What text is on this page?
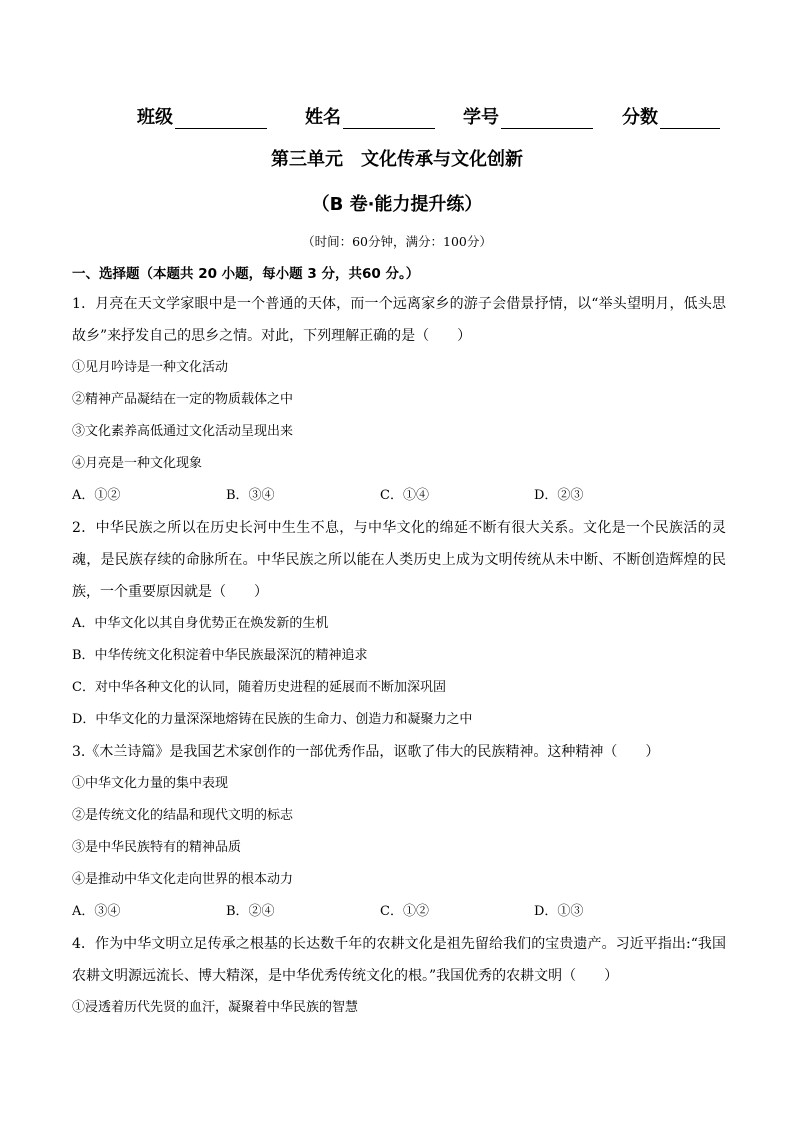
班级	姓名	学号	分数
第三单元 文化传承与文化创新
（B 卷·能力提升练）
（时间：60分钟，满分：100分）
一、选择题（本题共 20 小题，每小题 3 分，共60 分。）

1．月亮在天文学家眼中是一个普通的天体，而一个远离家乡的游子会借景抒情，以“举头望明月，低头思故乡”来抒发自己的思乡之情。对此，下列理解正确的是（　　）

①见月吟诗是一种文化活动
②精神产品凝结在一定的物质载体之中
③文化素养高低通过文化活动呈现出来
④月亮是一种文化现象
A．①②	B．③④	C．①④	D．②③

2．中华民族之所以在历史长河中生生不息，与中华文化的绵延不断有很大关系。文化是一个民族活的灵魂，是民族存续的命脉所在。中华民族之所以能在人类历史上成为文明传统从未中断、不断创造辉煌的民族，一个重要原因就是（　　）

A．中华文化以其自身优势正在焕发新的生机
B．中华传统文化积淀着中华民族最深沉的精神追求
C．对中华各种文化的认同，随着历史进程的延展而不断加深巩固
D．中华文化的力量深深地熔铸在民族的生命力、创造力和凝聚力之中

3.《木兰诗篇》是我国艺术家创作的一部优秀作品，讴歌了伟大的民族精神。这种精神（　　）

①中华文化力量的集中表现
②是传统文化的结晶和现代文明的标志
③是中华民族特有的精神品质
④是推动中华文化走向世界的根本动力
A．③④	B．②④	C．①②	D．①③

4．作为中华文明立足传承之根基的长达数千年的农耕文化是祖先留给我们的宝贵遗产。习近平指出:“我国农耕文明源远流长、博大精深，是中华优秀传统文化的根。”我国优秀的农耕文明（　　）

①浸透着历代先贤的血汗，凝聚着中华民族的智慧
